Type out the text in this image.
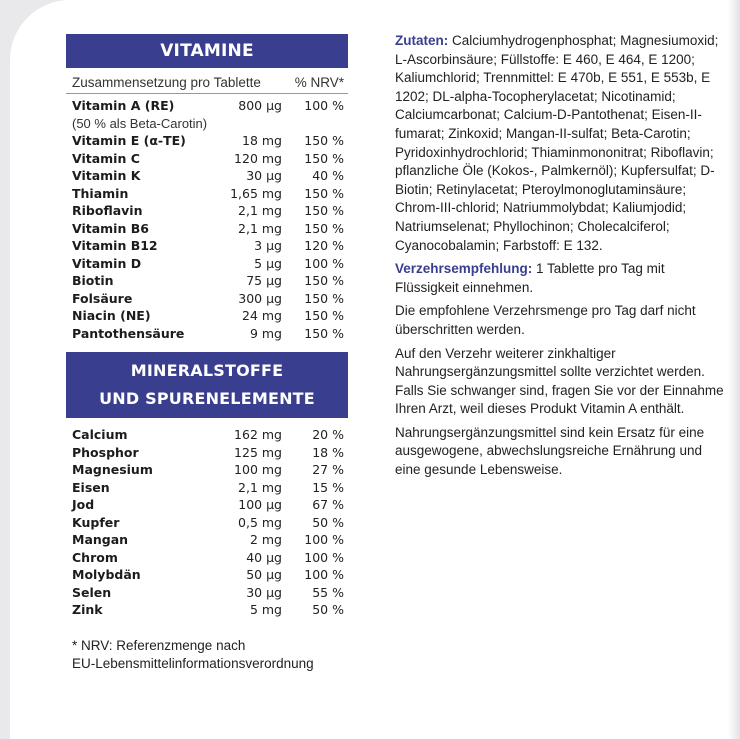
VITAMINE
Zusammensetzung pro Tablette	% NRV*
Vitamin A (RE)	800 µg	100 %
(50 % als Beta-Carotin)		
Vitamin E (α-TE)	18 mg	150 %
Vitamin C	120 mg	150 %
Vitamin K	30 µg	40 %
Thiamin	1,65 mg	150 %
Riboflavin	2,1 mg	150 %
Vitamin B6	2,1 mg	150 %
Vitamin B12	3 µg	120 %
Vitamin D	5 µg	100 %
Biotin	75 µg	150 %
Folsäure	300 µg	150 %
Niacin (NE)	24 mg	150 %
Pantothensäure	9 mg	150 %
MINERALSTOFFE
UND SPURENELEMENTE
Calcium	162 mg	20 %
Phosphor	125 mg	18 %
Magnesium	100 mg	27 %
Eisen	2,1 mg	15 %
Jod	100 µg	67 %
Kupfer	0,5 mg	50 %
Mangan	2 mg	100 %
Chrom	40 µg	100 %
Molybdän	50 µg	100 %
Selen	30 µg	55 %
Zink	5 mg	50 %
* NRV: Referenzmenge nach
EU-Lebensmittelinformationsverordnung

Zutaten: Calciumhydrogenphosphat; Magnesiumoxid; L-Ascorbinsäure; Füllstoffe: E 460, E 464, E 1200; Kaliumchlorid; Trennmittel: E 470b, E 551, E 553b, E 1202; DL-alpha-Tocopherylacetat; Nicotinamid; Calciumcarbonat; Calcium-D-Pantothenat; Eisen-II-fumarat; Zinkoxid; Mangan-II-sulfat; Beta-Carotin; Pyridoxinhydrochlorid; Thiaminmononitrat; Riboflavin; pflanzliche Öle (Kokos-, Palmkernöl); Kupfersulfat; D-Biotin; Retinylacetat; Pteroylmonoglutaminsäure; Chrom-III-chlorid; Natriummolybdat; Kaliumjodid; Natriumselenat; Phyllochinon; Cholecalciferol; Cyanocobalamin; Farbstoff: E 132.

Verzehrsempfehlung: 1 Tablette pro Tag mit Flüssigkeit einnehmen.

Die empfohlene Verzehrsmenge pro Tag darf nicht überschritten werden.

Auf den Verzehr weiterer zinkhaltiger Nahrungsergänzungsmittel sollte verzichtet werden. Falls Sie schwanger sind, fragen Sie vor der Einnahme Ihren Arzt, weil dieses Produkt Vitamin A enthält.

Nahrungsergänzungsmittel sind kein Ersatz für eine ausgewogene, abwechslungsreiche Ernährung und eine gesunde Lebensweise.
